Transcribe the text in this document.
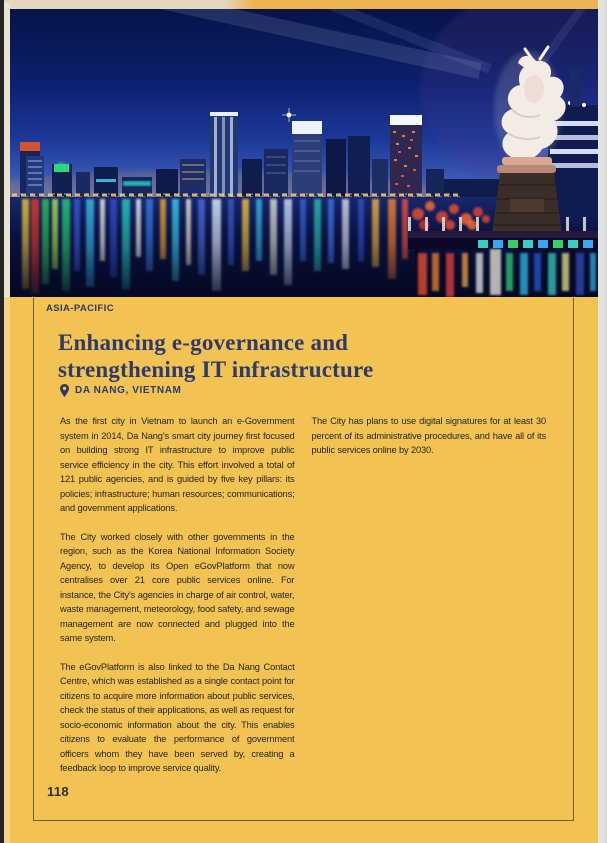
ASIA-PACIFIC
Enhancing e-governance and
strengthening IT infrastructure
DA NANG, VIETNAM

As the first city in Vietnam to launch an e-Government system in 2014, Da Nang's smart city journey first focused on building strong IT infrastructure to improve public service efficiency in the city. This effort involved a total of 121 public agencies, and is guided by five key pillars: its policies; infrastructure; human resources; communications; and government applications.

The City worked closely with other governments in the region, such as the Korea National Information Society Agency, to develop its Open eGovPlatform that now centralises over 21 core public services online. For instance, the City's agencies in charge of air control, water, waste management, meteorology, food safety, and sewage management are now connected and plugged into the same system.

The eGovPlatform is also linked to the Da Nang Contact Centre, which was established as a single contact point for citizens to acquire more information about public services, check the status of their applications, as well as request for socio-economic information about the city. This enables citizens to evaluate the performance of government officers whom they have been served by, creating a feedback loop to improve service quality.

The City has plans to use digital signatures for at least 30 percent of its administrative procedures, and have all of its public services online by 2030.

118
